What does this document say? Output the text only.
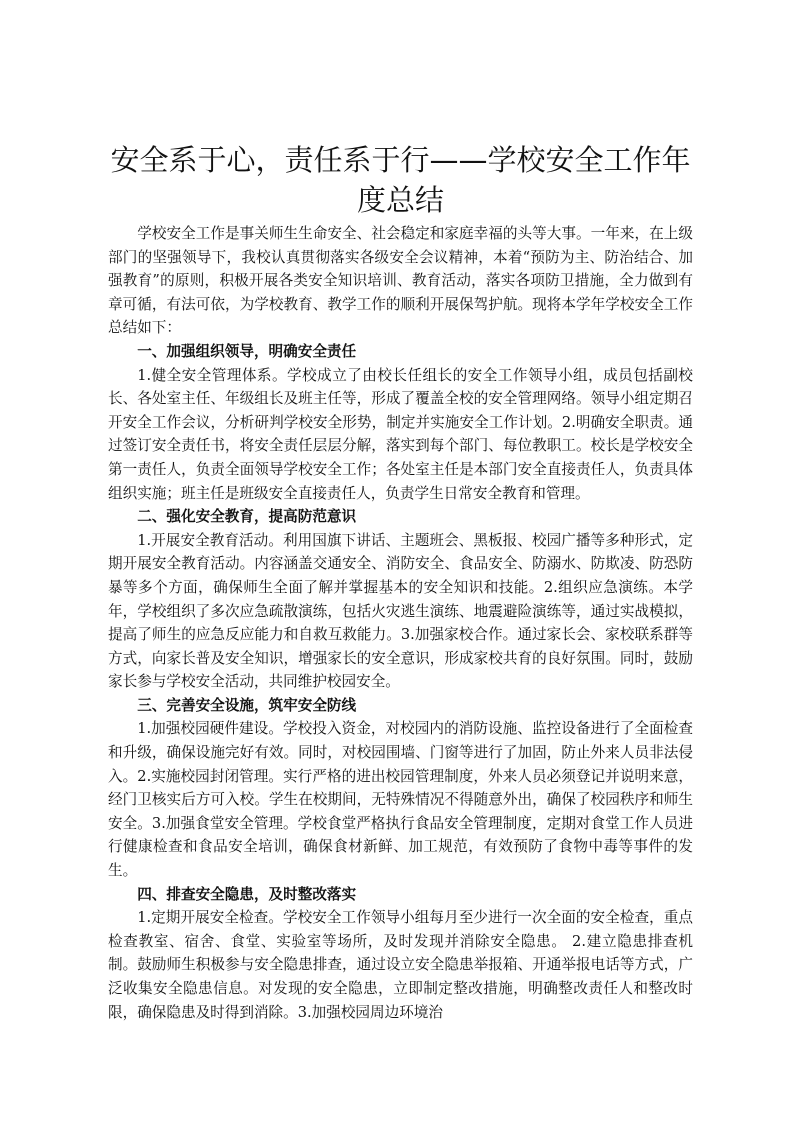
安全系于心，责任系于行——学校安全工作年度总结

学校安全工作是事关师生生命安全、社会稳定和家庭幸福的头等大事。一年来，在上级部门的坚强领导下，我校认真贯彻落实各级安全会议精神，本着“预防为主、防治结合、加强教育”的原则，积极开展各类安全知识培训、教育活动，落实各项防卫措施，全力做到有章可循，有法可依，为学校教育、教学工作的顺利开展保驾护航。现将本学年学校安全工作总结如下：

一、加强组织领导，明确安全责任

1.健全安全管理体系。学校成立了由校长任组长的安全工作领导小组，成员包括副校长、各处室主任、年级组长及班主任等，形成了覆盖全校的安全管理网络。领导小组定期召开安全工作会议，分析研判学校安全形势，制定并实施安全工作计划。2.明确安全职责。通过签订安全责任书，将安全责任层层分解，落实到每个部门、每位教职工。校长是学校安全第一责任人，负责全面领导学校安全工作；各处室主任是本部门安全直接责任人，负责具体组织实施；班主任是班级安全直接责任人，负责学生日常安全教育和管理。

二、强化安全教育，提高防范意识

1.开展安全教育活动。利用国旗下讲话、主题班会、黑板报、校园广播等多种形式，定期开展安全教育活动。内容涵盖交通安全、消防安全、食品安全、防溺水、防欺凌、防恐防暴等多个方面，确保师生全面了解并掌握基本的安全知识和技能。2.组织应急演练。本学年，学校组织了多次应急疏散演练，包括火灾逃生演练、地震避险演练等，通过实战模拟，提高了师生的应急反应能力和自救互救能力。3.加强家校合作。通过家长会、家校联系群等方式，向家长普及安全知识，增强家长的安全意识，形成家校共育的良好氛围。同时，鼓励家长参与学校安全活动，共同维护校园安全。

三、完善安全设施，筑牢安全防线

1.加强校园硬件建设。学校投入资金，对校园内的消防设施、监控设备进行了全面检查和升级，确保设施完好有效。同时，对校园围墙、门窗等进行了加固，防止外来人员非法侵入。2.实施校园封闭管理。实行严格的进出校园管理制度，外来人员必须登记并说明来意，经门卫核实后方可入校。学生在校期间，无特殊情况不得随意外出，确保了校园秩序和师生安全。3.加强食堂安全管理。学校食堂严格执行食品安全管理制度，定期对食堂工作人员进行健康检查和食品安全培训，确保食材新鲜、加工规范，有效预防了食物中毒等事件的发生。

四、排查安全隐患，及时整改落实

1.定期开展安全检查。学校安全工作领导小组每月至少进行一次全面的安全检查，重点检查教室、宿舍、食堂、实验室等场所，及时发现并消除安全隐患。 2.建立隐患排查机制。鼓励师生积极参与安全隐患排查，通过设立安全隐患举报箱、开通举报电话等方式，广泛收集安全隐患信息。对发现的安全隐患，立即制定整改措施，明确整改责任人和整改时限，确保隐患及时得到消除。3.加强校园周边环境治
